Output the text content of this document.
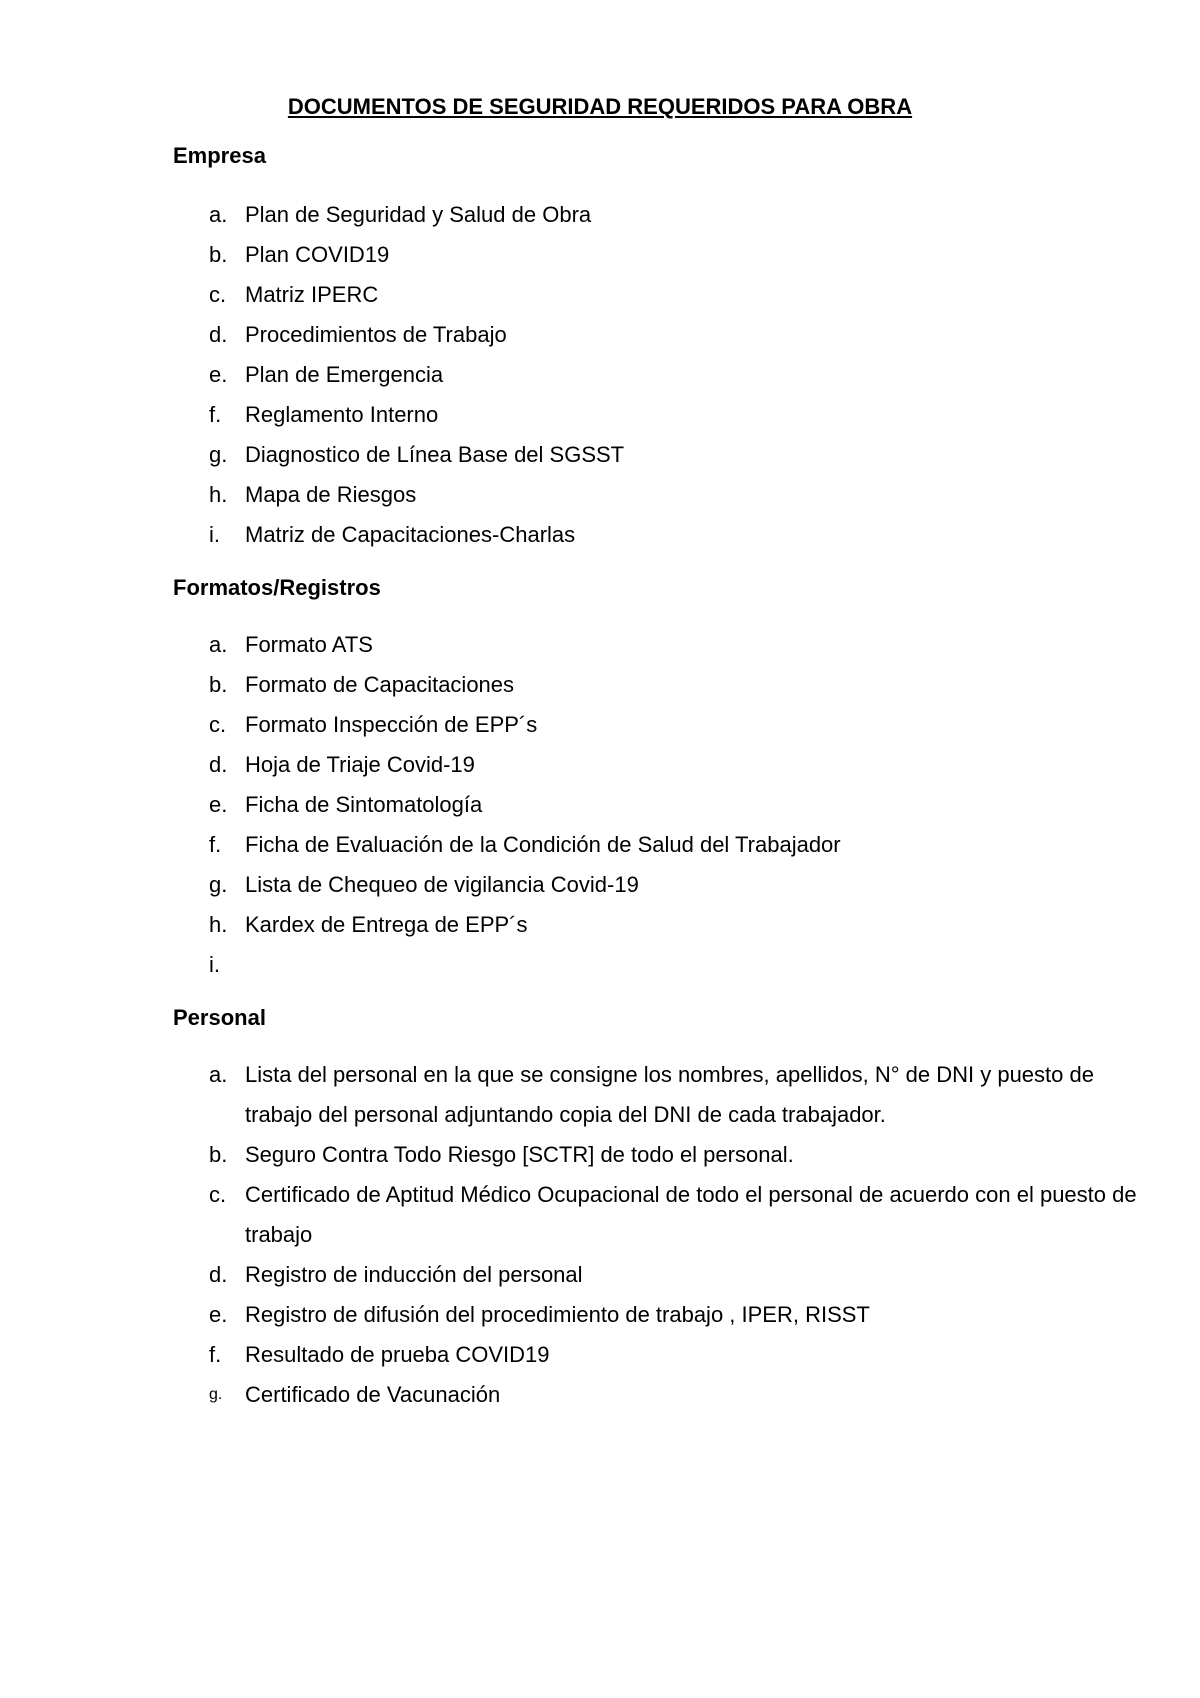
DOCUMENTOS DE SEGURIDAD REQUERIDOS PARA OBRA
Empresa
a. Plan de Seguridad y Salud de Obra
b. Plan COVID19
c. Matriz IPERC
d. Procedimientos de Trabajo
e. Plan de Emergencia
f.	Reglamento Interno
g. Diagnostico de Línea Base del SGSST
h. Mapa de Riesgos
i.	Matriz de Capacitaciones-Charlas
Formatos/Registros
a. Formato ATS
b. Formato de Capacitaciones
c. Formato Inspección de EPP´s
d. Hoja de Triaje Covid-19
e. Ficha de Sintomatología
f.	Ficha de Evaluación de la Condición de Salud del Trabajador
g. Lista de Chequeo de vigilancia Covid-19
h. Kardex de Entrega de EPP´s
i.
Personal
a. Lista del personal en la que se consigne los nombres, apellidos, N° de DNI y puesto de trabajo del personal adjuntando copia del DNI de cada trabajador.
b. Seguro Contra Todo Riesgo [SCTR] de todo el personal.
c. Certificado de Aptitud Médico Ocupacional de todo el personal de acuerdo con el puesto de trabajo
d. Registro de inducción del personal
e. Registro de difusión del procedimiento de trabajo , IPER, RISST
f.	Resultado de prueba COVID19
g.	Certificado de Vacunación
